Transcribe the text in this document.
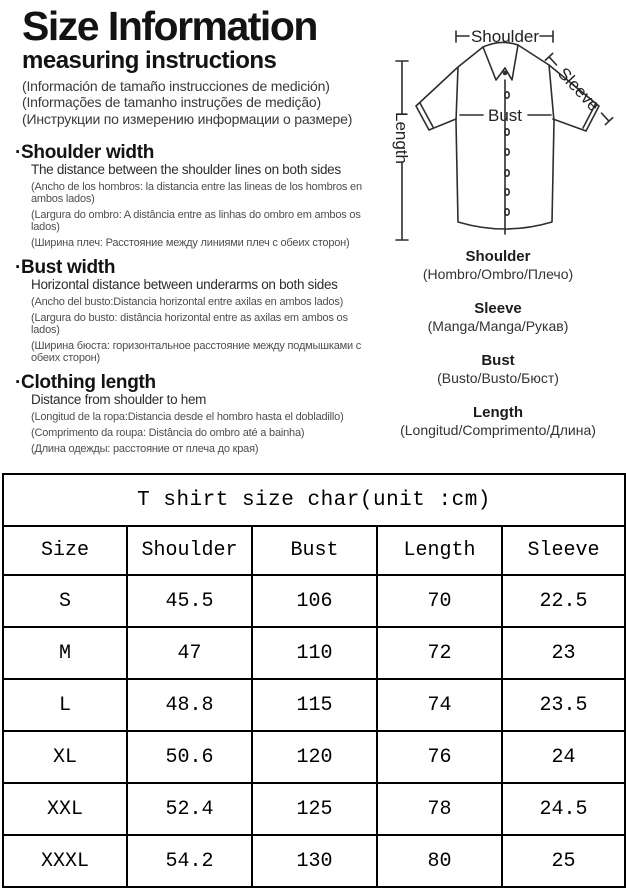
Size Information
measuring instructions
(Información de tamaño instrucciones de medición)
(Informações de tamanho instruções de medição)
(Инструкции по измерению информации о размере)
·Shoulder width
The distance between the shoulder lines on both sides
(Ancho de los hombros: la distancia entre las lineas de los hombros en ambos lados)
(Largura do ombro: A distância entre as linhas do ombro em ambos os lados)
(Ширина плеч: Расстояние между линиями плеч с обеих сторон)
·Bust width
Horizontal distance between underarms on both sides
(Ancho del busto:Distancia horizontal entre axilas en ambos lados)
(Largura do busto: distância horizontal entre as axilas em ambos os lados)
(Ширина бюста: горизонтальное расстояние между подмышками с обеих сторон)
·Clothing length
Distance from shoulder to hem
(Longitud de la ropa:Distancia desde el hombro hasta el dobladillo)
(Comprimento da roupa: Distância do ombro até a bainha)
(Длина одежды: расстояние от плеча до края)
Shoulder
Bust
Length
Sleeve
Shoulder
(Hombro/Ombro/Плечо)
Sleeve
(Manga/Manga/Рукав)
Bust
(Busto/Busto/Бюст)
Length
(Longitud/Comprimento/Длина)
T shirt size char(unit :cm)				
Size	Shoulder	Bust	Length	Sleeve
S	45.5	106	70	22.5
M	47	110	72	23
L	48.8	115	74	23.5
XL	50.6	120	76	24
XXL	52.4	125	78	24.5
XXXL	54.2	130	80	25
